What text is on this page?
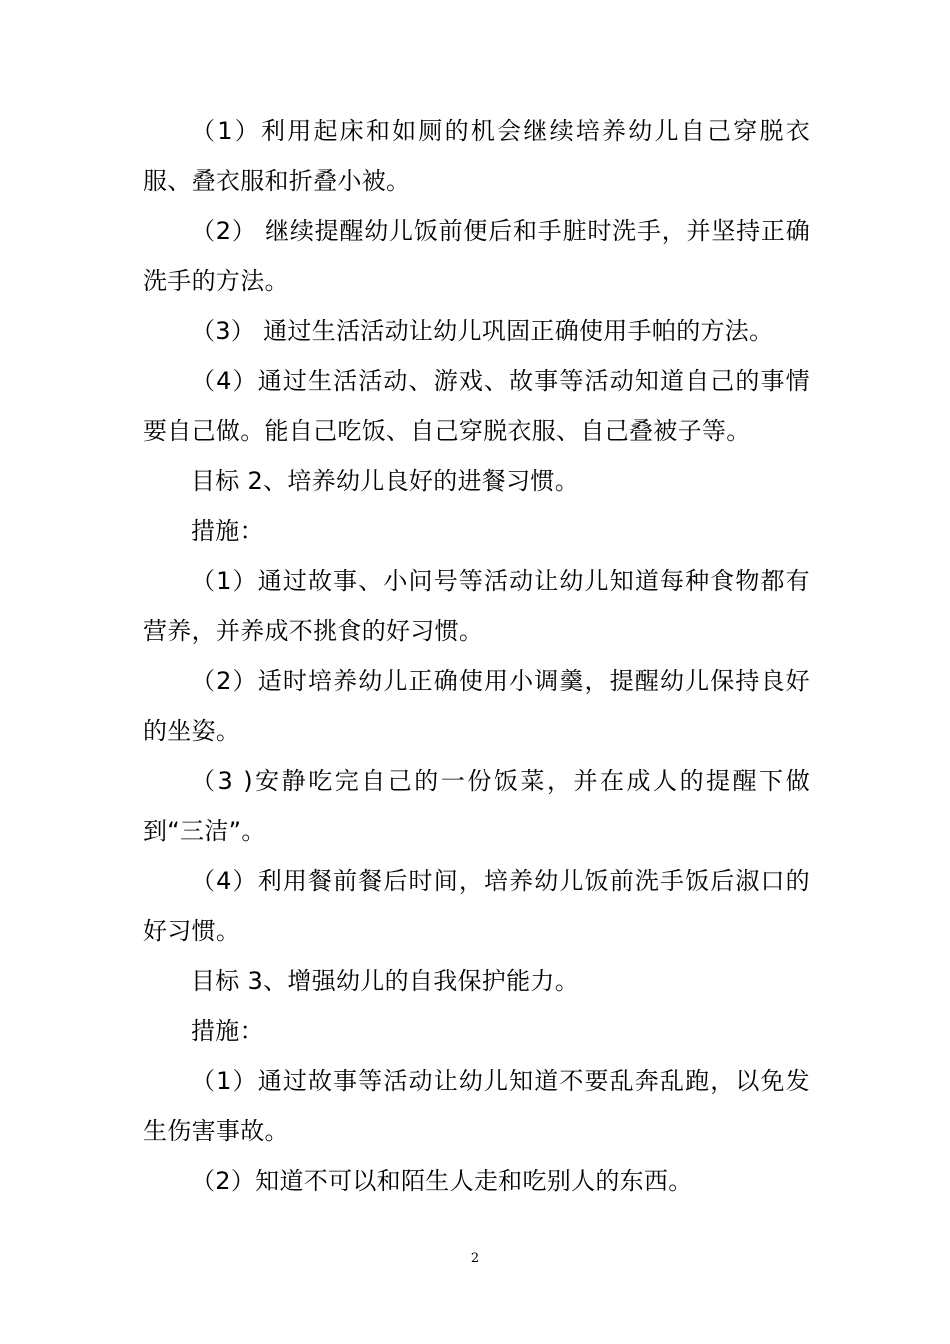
（1）利用起床和如厕的机会继续培养幼儿自己穿脱衣服、叠衣服和折叠小被。

（2） 继续提醒幼儿饭前便后和手脏时洗手，并坚持正确洗手的方法。

（3） 通过生活活动让幼儿巩固正确使用手帕的方法。

（4）通过生活活动、游戏、故事等活动知道自己的事情要自己做。能自己吃饭、自己穿脱衣服、自己叠被子等。

目标 2、培养幼儿良好的进餐习惯。

措施：

（1）通过故事、小问号等活动让幼儿知道每种食物都有营养，并养成不挑食的好习惯。

（2）适时培养幼儿正确使用小调羹，提醒幼儿保持良好的坐姿。

（3 )安静吃完自己的一份饭菜，并在成人的提醒下做到“三洁”。

（4）利用餐前餐后时间，培养幼儿饭前洗手饭后淑口的好习惯。

目标 3、增强幼儿的自我保护能力。

措施：

（1）通过故事等活动让幼儿知道不要乱奔乱跑，以免发生伤害事故。

（2）知道不可以和陌生人走和吃别人的东西。

2
